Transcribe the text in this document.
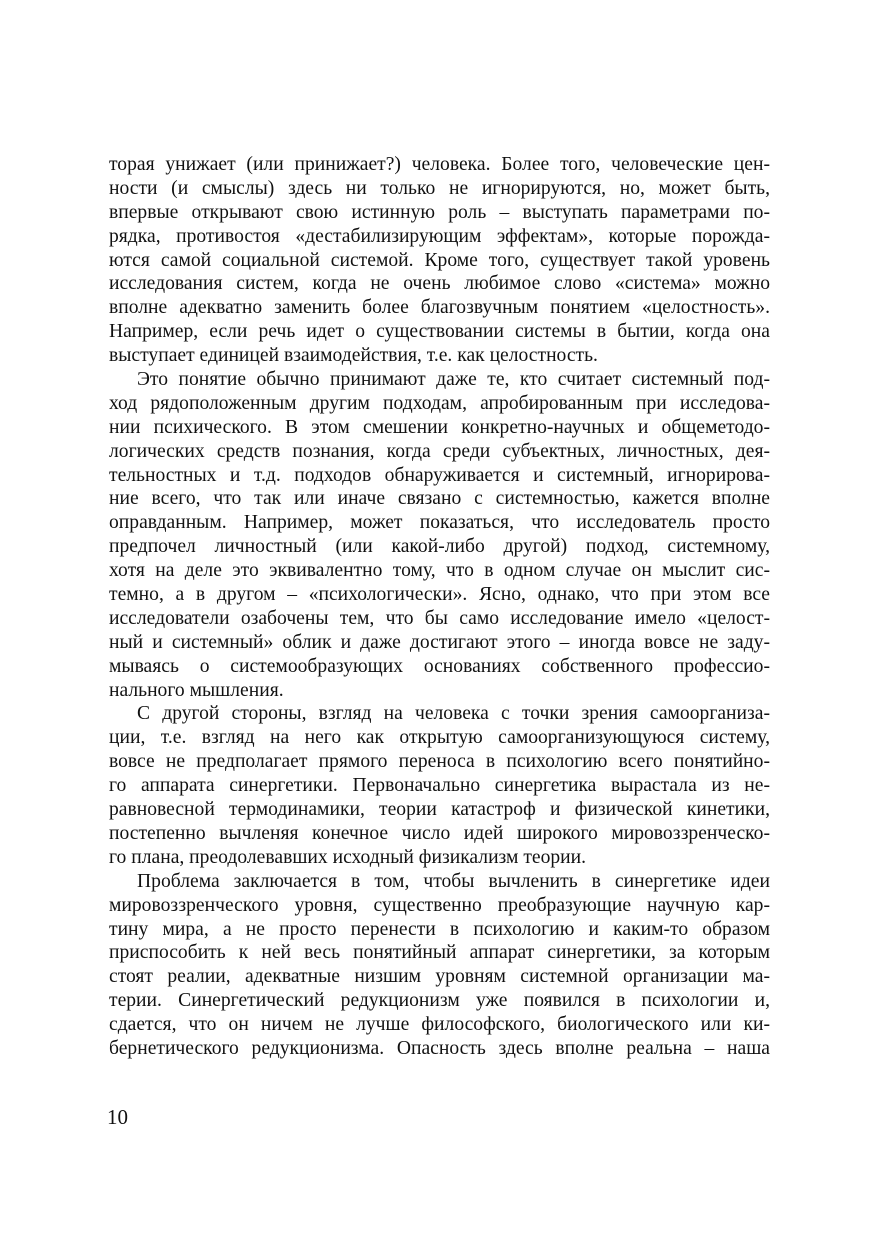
торая унижает (или принижает?) человека. Более того, человеческие цен-
ности (и смыслы) здесь ни только не игнорируются, но, может быть,
впервые открывают свою истинную роль – выступать параметрами по-
рядка, противостоя «дестабилизирующим эффектам», которые порожда-
ются самой социальной системой. Кроме того, существует такой уровень
исследования систем, когда не очень любимое слово «система» можно
вполне адекватно заменить более благозвучным понятием «целостность».
Например, если речь идет о существовании системы в бытии, когда она
выступает единицей взаимодействия, т.е. как целостность.
Это понятие обычно принимают даже те, кто считает системный под-
ход рядоположенным другим подходам, апробированным при исследова-
нии психического. В этом смешении конкретно-научных и общеметодо-
логических средств познания, когда среди субъектных, личностных, дея-
тельностных и т.д. подходов обнаруживается и системный, игнорирова-
ние всего, что так или иначе связано с системностью, кажется вполне
оправданным. Например, может показаться, что исследователь просто
предпочел личностный (или какой-либо другой) подход, системному,
хотя на деле это эквивалентно тому, что в одном случае он мыслит сис-
темно, а в другом – «психологически». Ясно, однако, что при этом все
исследователи озабочены тем, что бы само исследование имело «целост-
ный и системный» облик и даже достигают этого – иногда вовсе не заду-
мываясь о системообразующих основаниях собственного профессио-
нального мышления.
С другой стороны, взгляд на человека с точки зрения самоорганиза-
ции, т.е. взгляд на него как открытую самоорганизующуюся систему,
вовсе не предполагает прямого переноса в психологию всего понятийно-
го аппарата синергетики. Первоначально синергетика вырастала из не-
равновесной термодинамики, теории катастроф и физической кинетики,
постепенно вычленяя конечное число идей широкого мировоззренческо-
го плана, преодолевавших исходный физикализм теории.
Проблема заключается в том, чтобы вычленить в синергетике идеи
мировоззренческого уровня, существенно преобразующие научную кар-
тину мира, а не просто перенести в психологию и каким-то образом
приспособить к ней весь понятийный аппарат синергетики, за которым
стоят реалии, адекватные низшим уровням системной организации ма-
терии. Синергетический редукционизм уже появился в психологии и,
сдается, что он ничем не лучше философского, биологического или ки-
бернетического редукционизма. Опасность здесь вполне реальна – наша
10
